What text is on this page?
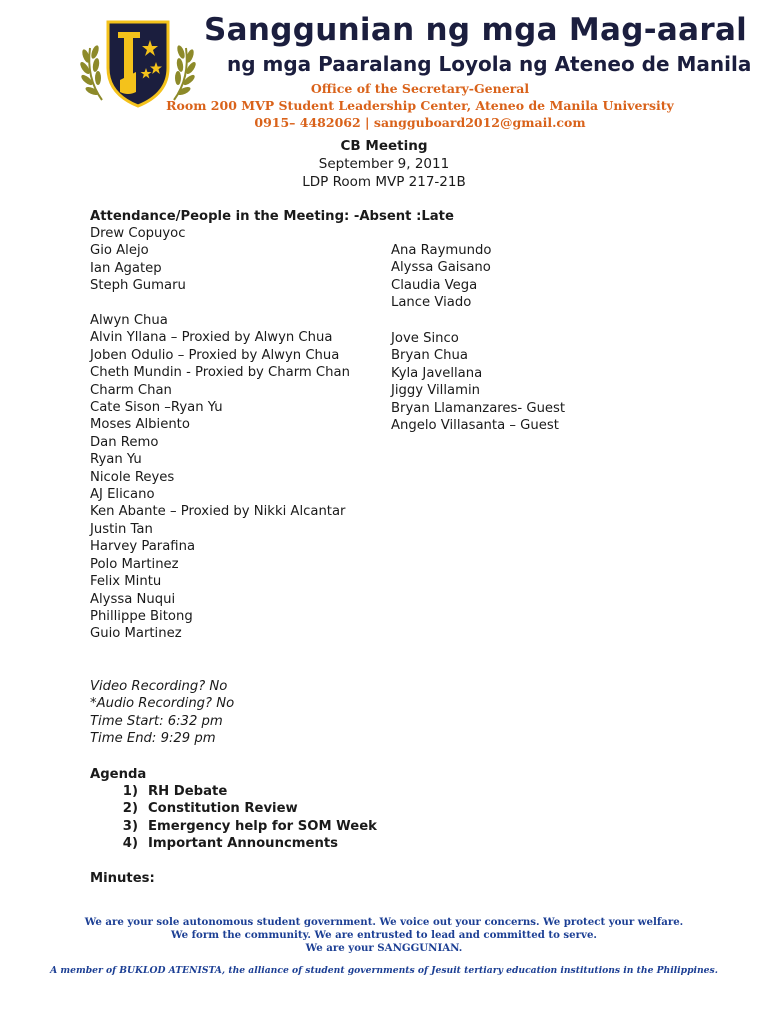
Sanggunian ng mga Mag-aaral
ng mga Paaralang Loyola ng Ateneo de Manila
Office of the Secretary-General
Room 200 MVP Student Leadership Center, Ateneo de Manila University
0915– 4482062 | sangguboard2012@gmail.com
CB Meeting
September 9, 2011
LDP Room MVP 217-21B
Attendance/People in the Meeting: -Absent :Late
Drew Copuyoc
Gio Alejo
Ian Agatep
Steph Gumaru
Alwyn Chua
Alvin Yllana – Proxied by Alwyn Chua
Joben Odulio – Proxied by Alwyn Chua
Cheth Mundin - Proxied by Charm Chan
Charm Chan
Cate Sison –Ryan Yu
Moses Albiento
Dan Remo
Ryan Yu
Nicole Reyes
AJ Elicano
Ken Abante – Proxied by Nikki Alcantar
Justin Tan
Harvey Parafina
Polo Martinez
Felix Mintu
Alyssa Nuqui
Phillippe Bitong
Guio Martinez
Ana Raymundo
Alyssa Gaisano
Claudia Vega
Lance Viado
Jove Sinco
Bryan Chua
Kyla Javellana
Jiggy Villamin
Bryan Llamanzares- Guest
Angelo Villasanta – Guest
Video Recording? No
*Audio Recording? No
Time Start: 6:32 pm
Time End: 9:29 pm
Agenda
1) RH Debate
2) Constitution Review
3) Emergency help for SOM Week
4) Important Announcments
Minutes:
We are your sole autonomous student government. We voice out your concerns. We protect your welfare.
We form the community. We are entrusted to lead and committed to serve.
We are your SANGGUNIAN.
A member of BUKLOD ATENISTA, the alliance of student governments of Jesuit tertiary education institutions in the Philippines.
